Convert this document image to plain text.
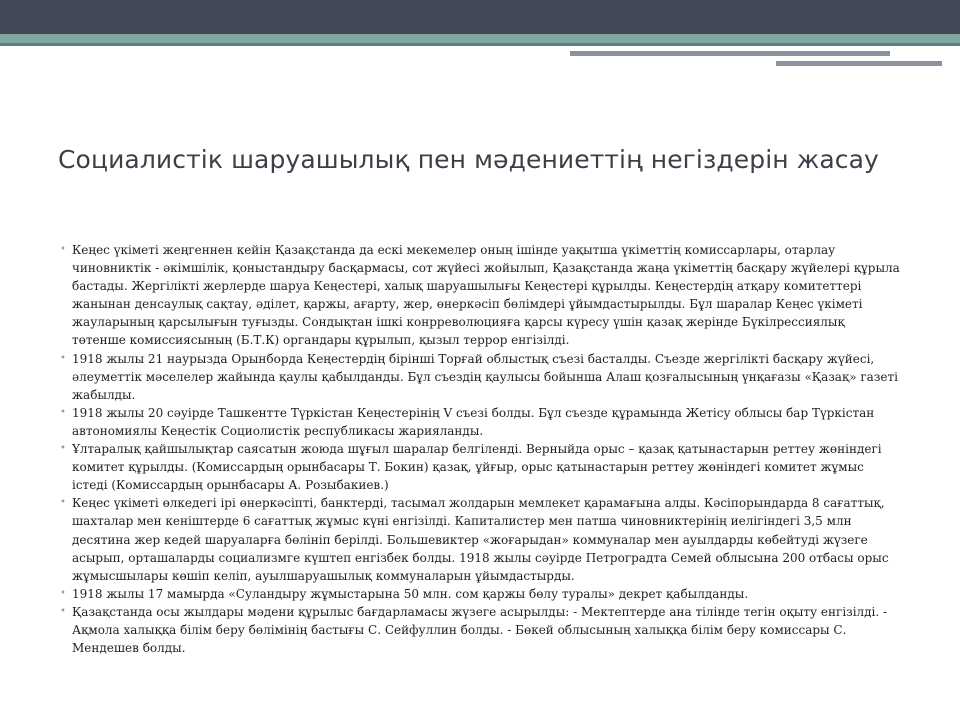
Социалистік шаруашылық пен мәдениеттің негіздерін жасау
• Кеңес үкіметі жеңгеннен кейін Қазақстанда да ескі мекемелер оның ішінде уақытша үкіметтің комиссарлары, отарлау чиновниктік - әкімшілік, қоныстандыру басқармасы, сот жүйесі жойылып, Қазақстанда жаңа үкіметтің басқару жүйелері құрыла бастады. Жергілікті жерлерде шаруа Кеңестері, халық шаруашылығы Кеңестері құрылды. Кеңестердің атқару комитеттері жанынан денсаулық сақтау, әділет, қаржы, ағарту, жер, өнеркәсіп бөлімдері ұйымдастырылды. Бұл шаралар Кеңес үкіметі жауларының қарсылығын туғызды. Сондықтан ішкі конрреволюцияға қарсы күресу үшін қазақ жерінде Бүкілрессиялық төтенше комиссиясының (Б.Т.К) органдары құрылып, қызыл террор енгізілді.
• 1918 жылы 21 наурызда Орынборда Кеңестердің бірінші Торғай облыстық съезі басталды. Съезде жергілікті басқару жүйесі, әлеуметтік мәселелер жайында қаулы қабылданды. Бұл съездің қаулысы бойынша Алаш қозғалысының үнқағазы «Қазақ» газеті жабылды.
• 1918 жылы 20 сәуірде Ташкентте Түркістан Кеңестерінің V съезі болды. Бұл съезде құрамында Жетісу облысы бар Түркістан автономиялы Кеңестік Социолистік республикасы жарияланды.
• Ұлтаралық қайшылықтар саясатын жоюда шұғыл шаралар белгіленді. Верныйда орыс – қазақ қатынастарын реттеу жөніндегі комитет құрылды. (Комиссардың орынбасары Т. Бокин) қазақ, ұйғыр, орыс қатынастарын реттеу жөніндегі комитет жұмыс істеді (Комиссардың орынбасары А. Розыбакиев.)
• Кеңес үкіметі өлкедегі ірі өнеркәсіпті, банктерді, тасымал жолдарын мемлекет қарамағына алды. Кәсіпорындарда 8 сағаттық, шахталар мен кеніштерде 6 сағаттық жұмыс күні енгізілді. Капиталистер мен патша чиновниктерінің иелігіндегі 3,5 млн десятина жер кедей шаруаларға бөлініп берілді. Большевиктер «жоғарыдан» коммуналар мен ауылдарды көбейтуді жүзеге асырып, орташаларды социализмге күштеп енгізбек болды. 1918 жылы сәуірде Петроградта Семей облысына 200 отбасы орыс жұмысшылары көшіп келіп, ауылшаруашылық коммуналарын ұйымдастырды.
• 1918 жылы 17 мамырда «Суландыру жұмыстарына 50 млн. сом қаржы бөлу туралы» декрет қабылданды.
• Қазақстанда осы жылдары мәдени құрылыс бағдарламасы жүзеге асырылды: - Мектептерде ана тілінде тегін оқыту енгізілді. - Ақмола халыққа білім беру бөлімінің бастығы С. Сейфуллин болды. - Бөкей облысының халыққа білім беру комиссары С. Мендешев болды.
